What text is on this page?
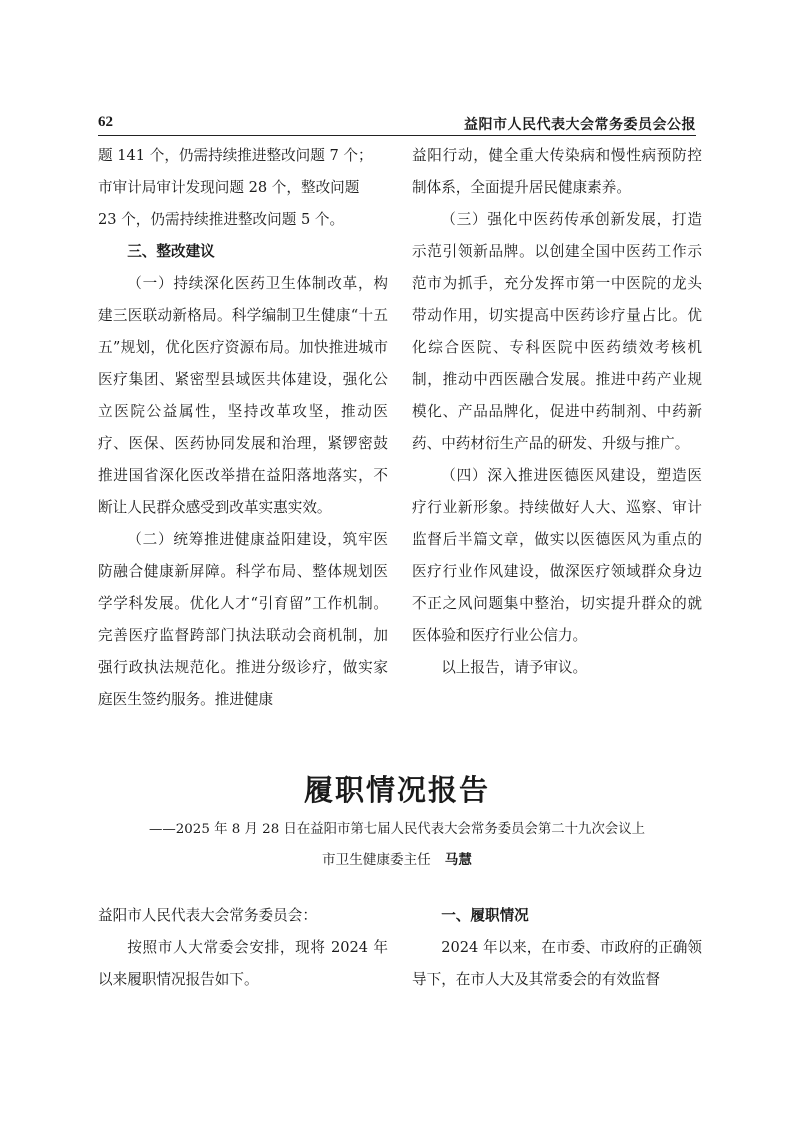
62	益阳市人民代表大会常务委员会公报

题 141 个，仍需持续推进整改问题 7 个；

市审计局审计发现问题 28 个，整改问题

23 个，仍需持续推进整改问题 5 个。

三、整改建议

（一）持续深化医药卫生体制改革，构建三医联动新格局。科学编制卫生健康“十五五”规划，优化医疗资源布局。加快推进城市医疗集团、紧密型县域医共体建设，强化公立医院公益属性，坚持改革攻坚，推动医疗、医保、医药协同发展和治理，紧锣密鼓推进国省深化医改举措在益阳落地落实，不断让人民群众感受到改革实惠实效。

（二）统筹推进健康益阳建设，筑牢医防融合健康新屏障。科学布局、整体规划医学学科发展。优化人才“引育留”工作机制。完善医疗监督跨部门执法联动会商机制，加强行政执法规范化。推进分级诊疗，做实家庭医生签约服务。推进健康

益阳行动，健全重大传染病和慢性病预防控制体系，全面提升居民健康素养。

（三）强化中医药传承创新发展，打造示范引领新品牌。以创建全国中医药工作示范市为抓手，充分发挥市第一中医院的龙头带动作用，切实提高中医药诊疗量占比。优化综合医院、专科医院中医药绩效考核机制，推动中西医融合发展。推进中药产业规模化、产品品牌化，促进中药制剂、中药新药、中药材衍生产品的研发、升级与推广。

（四）深入推进医德医风建设，塑造医疗行业新形象。持续做好人大、巡察、审计监督后半篇文章，做实以医德医风为重点的医疗行业作风建设，做深医疗领域群众身边不正之风问题集中整治，切实提升群众的就医体验和医疗行业公信力。

以上报告，请予审议。

履职情况报告
——2025 年 8 月 28 日在益阳市第七届人民代表大会常务委员会第二十九次会议上
市卫生健康委主任 马慧

益阳市人民代表大会常务委员会：

按照市人大常委会安排，现将 2024 年以来履职情况报告如下。

一、履职情况

2024 年以来，在市委、市政府的正确领导下，在市人大及其常委会的有效监督
